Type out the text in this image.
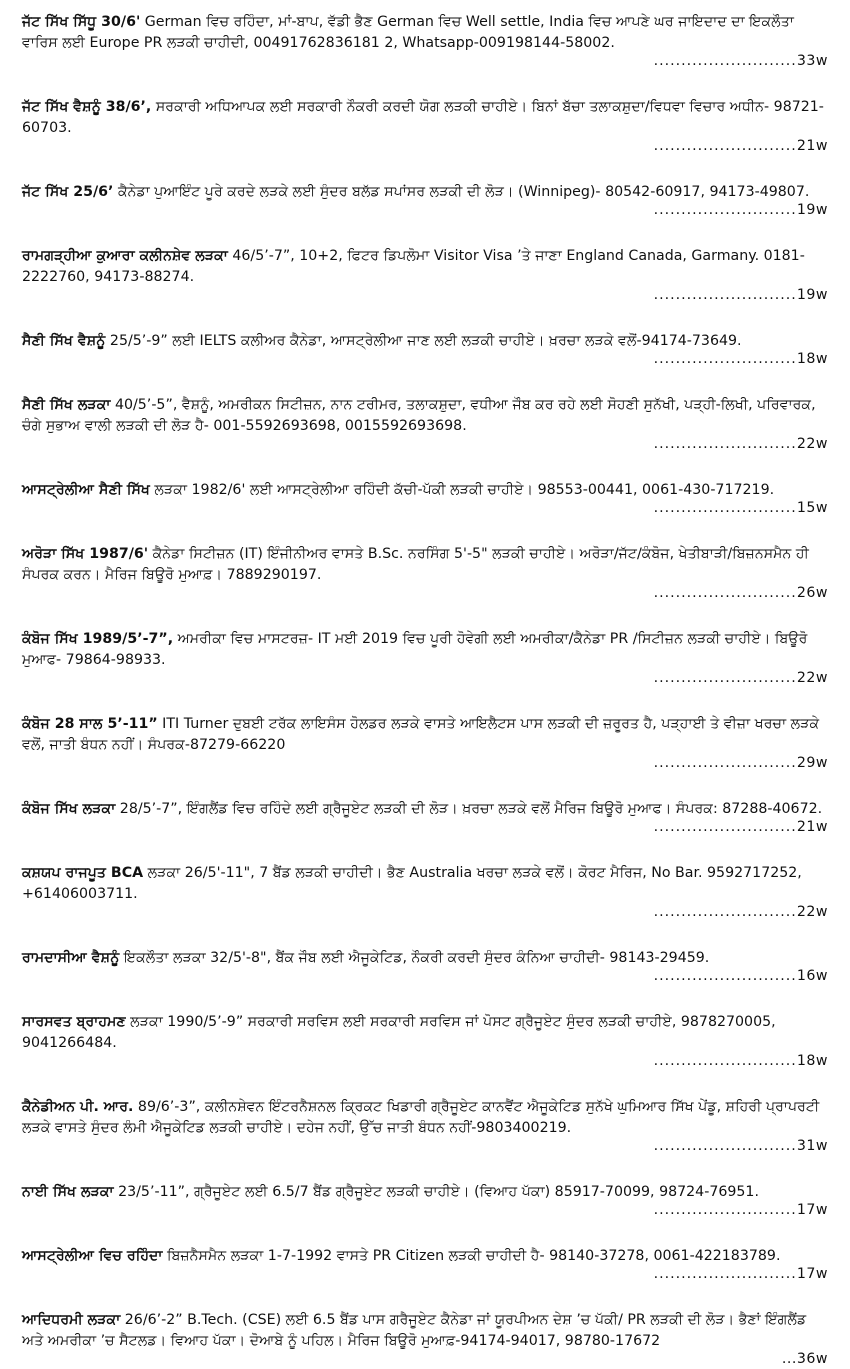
ਜੱਟ ਸਿੱਖ ਸਿੱਧੂ 30/6' German ਵਿਚ ਰਹਿੰਦਾ, ਮਾਂ-ਬਾਪ, ਵੱਡੀ ਭੈਣ German ਵਿਚ Well settle, India ਵਿਚ ਆਪਣੇ ਘਰ ਜਾਇਦਾਦ ਦਾ ਇਕਲੌਤਾ ਵਾਰਿਸ ਲਈ Europe PR ਲੜਕੀ ਚਾਹੀਦੀ, 00491762836181 2, Whatsapp-009198144-58002.
..........................33w
ਜੱਟ ਸਿੱਖ ਵੈਸ਼ਨੂੰ 38/6’, ਸਰਕਾਰੀ ਅਧਿਆਪਕ ਲਈ ਸਰਕਾਰੀ ਨੌਕਰੀ ਕਰਦੀ ਯੋਗ ਲੜਕੀ ਚਾਹੀਏ। ਬਿਨਾਂ ਬੱਚਾ ਤਲਾਕਸ਼ੁਦਾ/ਵਿਧਵਾ ਵਿਚਾਰ ਅਧੀਨ- 98721-60703.
..........................21w
ਜੱਟ ਸਿੱਖ 25/6’ ਕੈਨੇਡਾ ਪੁਆਇੰਟ ਪੂਰੇ ਕਰਦੇ ਲੜਕੇ ਲਈ ਸੁੰਦਰ ਬਲੱਡ ਸਪਾਂਸਰ ਲੜਕੀ ਦੀ ਲੋੜ। (Winnipeg)- 80542-60917, 94173-49807.
..........................19w
ਰਾਮਗੜ੍ਹੀਆ ਕੁਆਰਾ ਕਲੀਨਸ਼ੇਵ ਲੜਕਾ 46/5’-7”, 10+2, ਫਿਟਰ ਡਿਪਲੋਮਾ Visitor Visa ’ਤੇ ਜਾਣਾ England Canada, Garmany. 0181-2222760, 94173-88274.
..........................19w
ਸੈਣੀ ਸਿੱਖ ਵੈਸ਼ਨੂੰ 25/5’-9” ਲਈ IELTS ਕਲੀਅਰ ਕੈਨੇਡਾ, ਆਸਟ੍ਰੇਲੀਆ ਜਾਣ ਲਈ ਲੜਕੀ ਚਾਹੀਏ। ਖ਼ਰਚਾ ਲੜਕੇ ਵਲੋਂ-94174-73649.
..........................18w
ਸੈਣੀ ਸਿੱਖ ਲੜਕਾ 40/5’-5”, ਵੈਸ਼ਨੂੰ, ਅਮਰੀਕਨ ਸਿਟੀਜ਼ਨ, ਨਾਨ ਟਰੀਮਰ, ਤਲਾਕਸ਼ੁਦਾ, ਵਧੀਆ ਜੌਬ ਕਰ ਰਹੇ ਲਈ ਸੋਹਣੀ ਸੁਨੱਖੀ, ਪੜ੍ਹੀ-ਲਿਖੀ, ਪਰਿਵਾਰਕ, ਚੰਗੇ ਸੁਭਾਅ ਵਾਲੀ ਲੜਕੀ ਦੀ ਲੋੜ ਹੈ- 001-5592693698, 0015592693698.
..........................22w
ਆਸਟ੍ਰੇਲੀਆ ਸੈਣੀ ਸਿੱਖ ਲੜਕਾ 1982/6' ਲਈ ਆਸਟ੍ਰੇਲੀਆ ਰਹਿੰਦੀ ਕੱਚੀ-ਪੱਕੀ ਲੜਕੀ ਚਾਹੀਏ। 98553-00441, 0061-430-717219.
..........................15w
ਅਰੋੜਾ ਸਿੱਖ 1987/6' ਕੈਨੇਡਾ ਸਿਟੀਜ਼ਨ (IT) ਇੰਜੀਨੀਅਰ ਵਾਸਤੇ B.Sc. ਨਰਸਿੰਗ 5'-5" ਲੜਕੀ ਚਾਹੀਏ। ਅਰੋੜਾ/ਜੱਟ/ਕੰਬੋਜ, ਖੇਤੀਬਾੜੀ/ਬਿਜ਼ਨਸਮੈਨ ਹੀ ਸੰਪਰਕ ਕਰਨ। ਮੈਰਿਜ ਬਿਊਰੋ ਮੁਆਫ਼। 7889290197.
..........................26w
ਕੰਬੋਜ ਸਿੱਖ 1989/5’-7”, ਅਮਰੀਕਾ ਵਿਚ ਮਾਸਟਰਜ਼- IT ਮਈ 2019 ਵਿਚ ਪੂਰੀ ਹੋਵੇਗੀ ਲਈ ਅਮਰੀਕਾ/ਕੈਨੇਡਾ PR /ਸਿਟੀਜ਼ਨ ਲੜਕੀ ਚਾਹੀਏ। ਬਿਊਰੋ ਮੁਆਫ- 79864-98933.
..........................22w
ਕੰਬੋਜ 28 ਸਾਲ 5’-11” ITI Turner ਦੁਬਈ ਟਰੱਕ ਲਾਇਸੰਸ ਹੋਲਡਰ ਲੜਕੇ ਵਾਸਤੇ ਆਇਲੈਟਸ ਪਾਸ ਲੜਕੀ ਦੀ ਜ਼ਰੂਰਤ ਹੈ, ਪੜ੍ਹਾਈ ਤੇ ਵੀਜ਼ਾ ਖਰਚਾ ਲੜਕੇ ਵਲੋਂ, ਜਾਤੀ ਬੰਧਨ ਨਹੀਂ। ਸੰਪਰਕ-87279-66220
..........................29w
ਕੰਬੋਜ ਸਿੱਖ ਲੜਕਾ 28/5’-7”, ਇੰਗਲੈਂਡ ਵਿਚ ਰਹਿੰਦੇ ਲਈ ਗ੍ਰੈਜੂਏਟ ਲੜਕੀ ਦੀ ਲੋੜ। ਖ਼ਰਚਾ ਲੜਕੇ ਵਲੋਂ ਮੈਰਿਜ ਬਿਊਰੋ ਮੁਆਫ। ਸੰਪਰਕ: 87288-40672.
..........................21w
ਕਸ਼ਯਪ ਰਾਜਪੂਤ BCA ਲੜਕਾ 26/5'-11", 7 ਬੈਂਡ ਲੜਕੀ ਚਾਹੀਦੀ। ਭੈਣ Australia ਖਰਚਾ ਲੜਕੇ ਵਲੋਂ। ਕੋਰਟ ਮੈਰਿਜ, No Bar. 9592717252, +61406003711.
..........................22w
ਰਾਮਦਾਸੀਆ ਵੈਸ਼ਨੂੰ ਇਕਲੌਤਾ ਲੜਕਾ 32/5'-8", ਬੈਂਕ ਜੌਬ ਲਈ ਐਜੂਕੇਟਿਡ, ਨੌਕਰੀ ਕਰਦੀ ਸੁੰਦਰ ਕੰਨਿਆ ਚਾਹੀਦੀ- 98143-29459.
..........................16w
ਸਾਰਸਵਤ ਬ੍ਰਾਹਮਣ ਲੜਕਾ 1990/5’-9” ਸਰਕਾਰੀ ਸਰਵਿਸ ਲਈ ਸਰਕਾਰੀ ਸਰਵਿਸ ਜਾਂ ਪੋਸਟ ਗ੍ਰੈਜੂਏਟ ਸੁੰਦਰ ਲੜਕੀ ਚਾਹੀਏ, 9878270005, 9041266484.
..........................18w
ਕੈਨੇਡੀਅਨ ਪੀ. ਆਰ. 89/6’-3”, ਕਲੀਨਸ਼ੇਵਨ ਇੰਟਰਨੈਸ਼ਨਲ ਕ੍ਰਿਕਟ ਖਿਡਾਰੀ ਗ੍ਰੈਜੂਏਟ ਕਾਨਵੈਂਟ ਐਜੂਕੇਟਿਡ ਸੁਨੱਖੇ ਘੁਮਿਆਰ ਸਿੱਖ ਪੇਂਡੂ, ਸ਼ਹਿਰੀ ਪ੍ਰਾਪਰਟੀ ਲੜਕੇ ਵਾਸਤੇ ਸੁੰਦਰ ਲੰਮੀ ਐਜੂਕੇਟਿਡ ਲੜਕੀ ਚਾਹੀਏ। ਦਹੇਜ ਨਹੀਂ, ਉੱਚ ਜਾਤੀ ਬੰਧਨ ਨਹੀਂ-9803400219.
..........................31w
ਨਾਈ ਸਿੱਖ ਲੜਕਾ 23/5’-11”, ਗ੍ਰੈਜੂਏਟ ਲਈ 6.5/7 ਬੈਂਡ ਗ੍ਰੈਜੂਏਟ ਲੜਕੀ ਚਾਹੀਏ। (ਵਿਆਹ ਪੱਕਾ) 85917-70099, 98724-76951.
..........................17w
ਆਸਟ੍ਰੇਲੀਆ ਵਿਚ ਰਹਿੰਦਾ ਬਿਜ਼ਨੈਸਮੈਨ ਲੜਕਾ 1-7-1992 ਵਾਸਤੇ PR Citizen ਲੜਕੀ ਚਾਹੀਦੀ ਹੈ- 98140-37278, 0061-422183789.
..........................17w
ਆਦਿਧਰਮੀ ਲੜਕਾ 26/6’-2” B.Tech. (CSE) ਲਈ 6.5 ਬੈਂਡ ਪਾਸ ਗਰੈਜੂਏਟ ਕੈਨੇਡਾ ਜਾਂ ਯੂਰਪੀਅਨ ਦੇਸ਼ ’ਚ ਪੱਕੀ/ PR ਲੜਕੀ ਦੀ ਲੋੜ। ਭੈਣਾਂ ਇੰਗਲੈਂਡ ਅਤੇ ਅਮਰੀਕਾ ’ਚ ਸੈਟਲਡ। ਵਿਆਹ ਪੱਕਾ। ਦੋਆਬੇ ਨੂੰ ਪਹਿਲ। ਮੈਰਿਜ ਬਿਊਰੋ ਮੁਆਫ਼-94174-94017, 98780-17672
...36w
